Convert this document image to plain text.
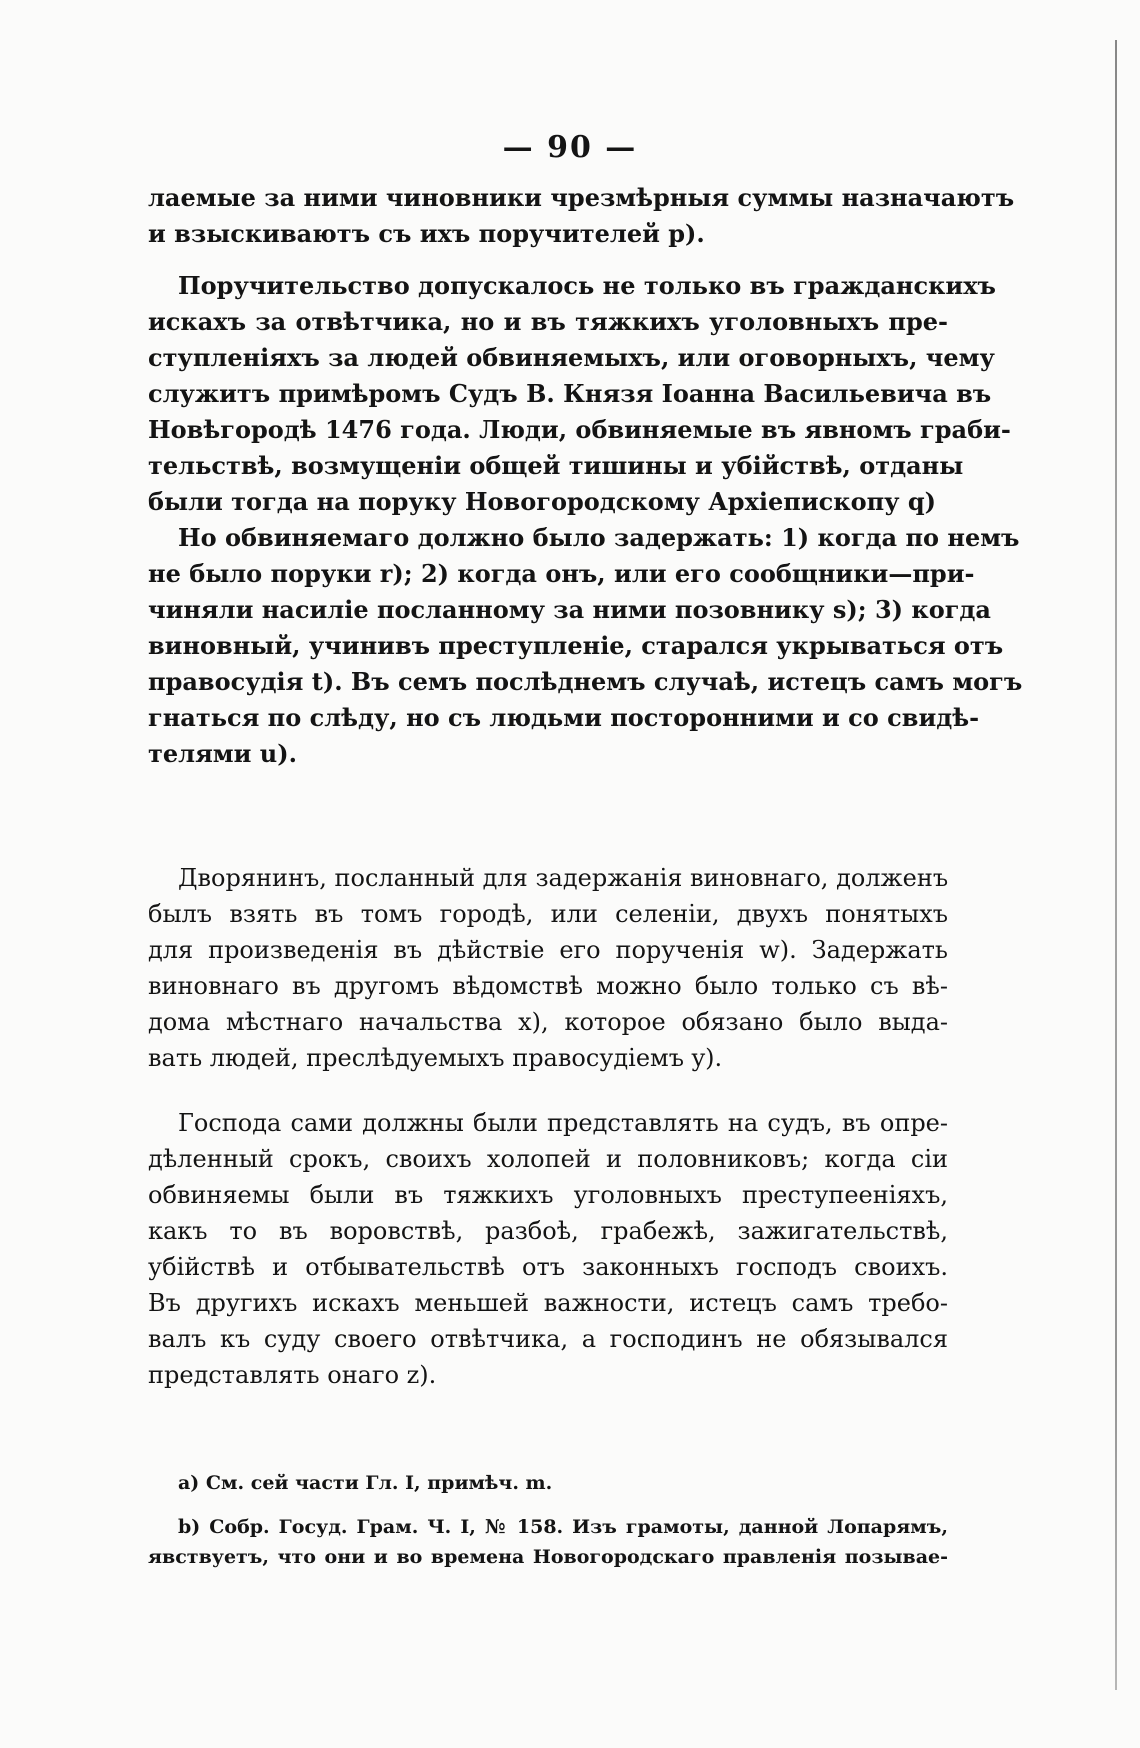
— 90 —
лаемые за ними чиновники чрезмѣрныя суммы назначаютъ
и взыскиваютъ съ ихъ поручителей р).
Поручительство допускалось не только въ гражданскихъ
искахъ за отвѣтчика, но и въ тяжкихъ уголовныхъ пре-
ступленіяхъ за людей обвиняемыхъ, или оговорныхъ, чему
служитъ примѣромъ Судъ В. Князя Іоанна Васильевича въ
Новѣгородѣ 1476 года. Люди, обвиняемые въ явномъ граби-
тельствѣ, возмущеніи общей тишины и убійствѣ, отданы
были тогда на поруку Новогородскому Архіепископу q)
Но обвиняемаго должно было задержать: 1) когда по немъ
не было поруки r); 2) когда онъ, или его сообщники—при-
чиняли насиліе посланному за ними позовнику s); 3) когда
виновный, учинивъ преступленіе, старался укрываться отъ
правосудія t). Въ семъ послѣднемъ случаѣ, истецъ самъ могъ
гнаться по слѣду, но съ людьми посторонними и со свидѣ-
телями u).
Дворянинъ, посланный для задержанія виновнаго, долженъ
былъ взять въ томъ городѣ, или селеніи, двухъ понятыхъ
для произведенія въ дѣйствіе его порученія w). Задержать
виновнаго въ другомъ вѣдомствѣ можно было только съ вѣ-
дома мѣстнаго начальства x), которое обязано было выда-
вать людей, преслѣдуемыхъ правосудіемъ y).
Господа сами должны были представлять на судъ, въ опре-
дѣленный срокъ, своихъ холопей и половниковъ; когда сіи
обвиняемы были въ тяжкихъ уголовныхъ преступееніяхъ,
какъ то въ воровствѣ, разбоѣ, грабежѣ, зажигательствѣ,
убійствѣ и отбывательствѣ отъ законныхъ господъ своихъ.
Въ другихъ искахъ меньшей важности, истецъ самъ требо-
валъ къ суду своего отвѣтчика, а господинъ не обязывался
представлять онаго z).
а) См. сей части Гл. I, примѣч. m.
b) Собр. Госуд. Грам. Ч. I, № 158. Изъ грамоты, данной Лопарямъ,
явствуетъ, что они и во времена Новогородскаго правленія позывае-
